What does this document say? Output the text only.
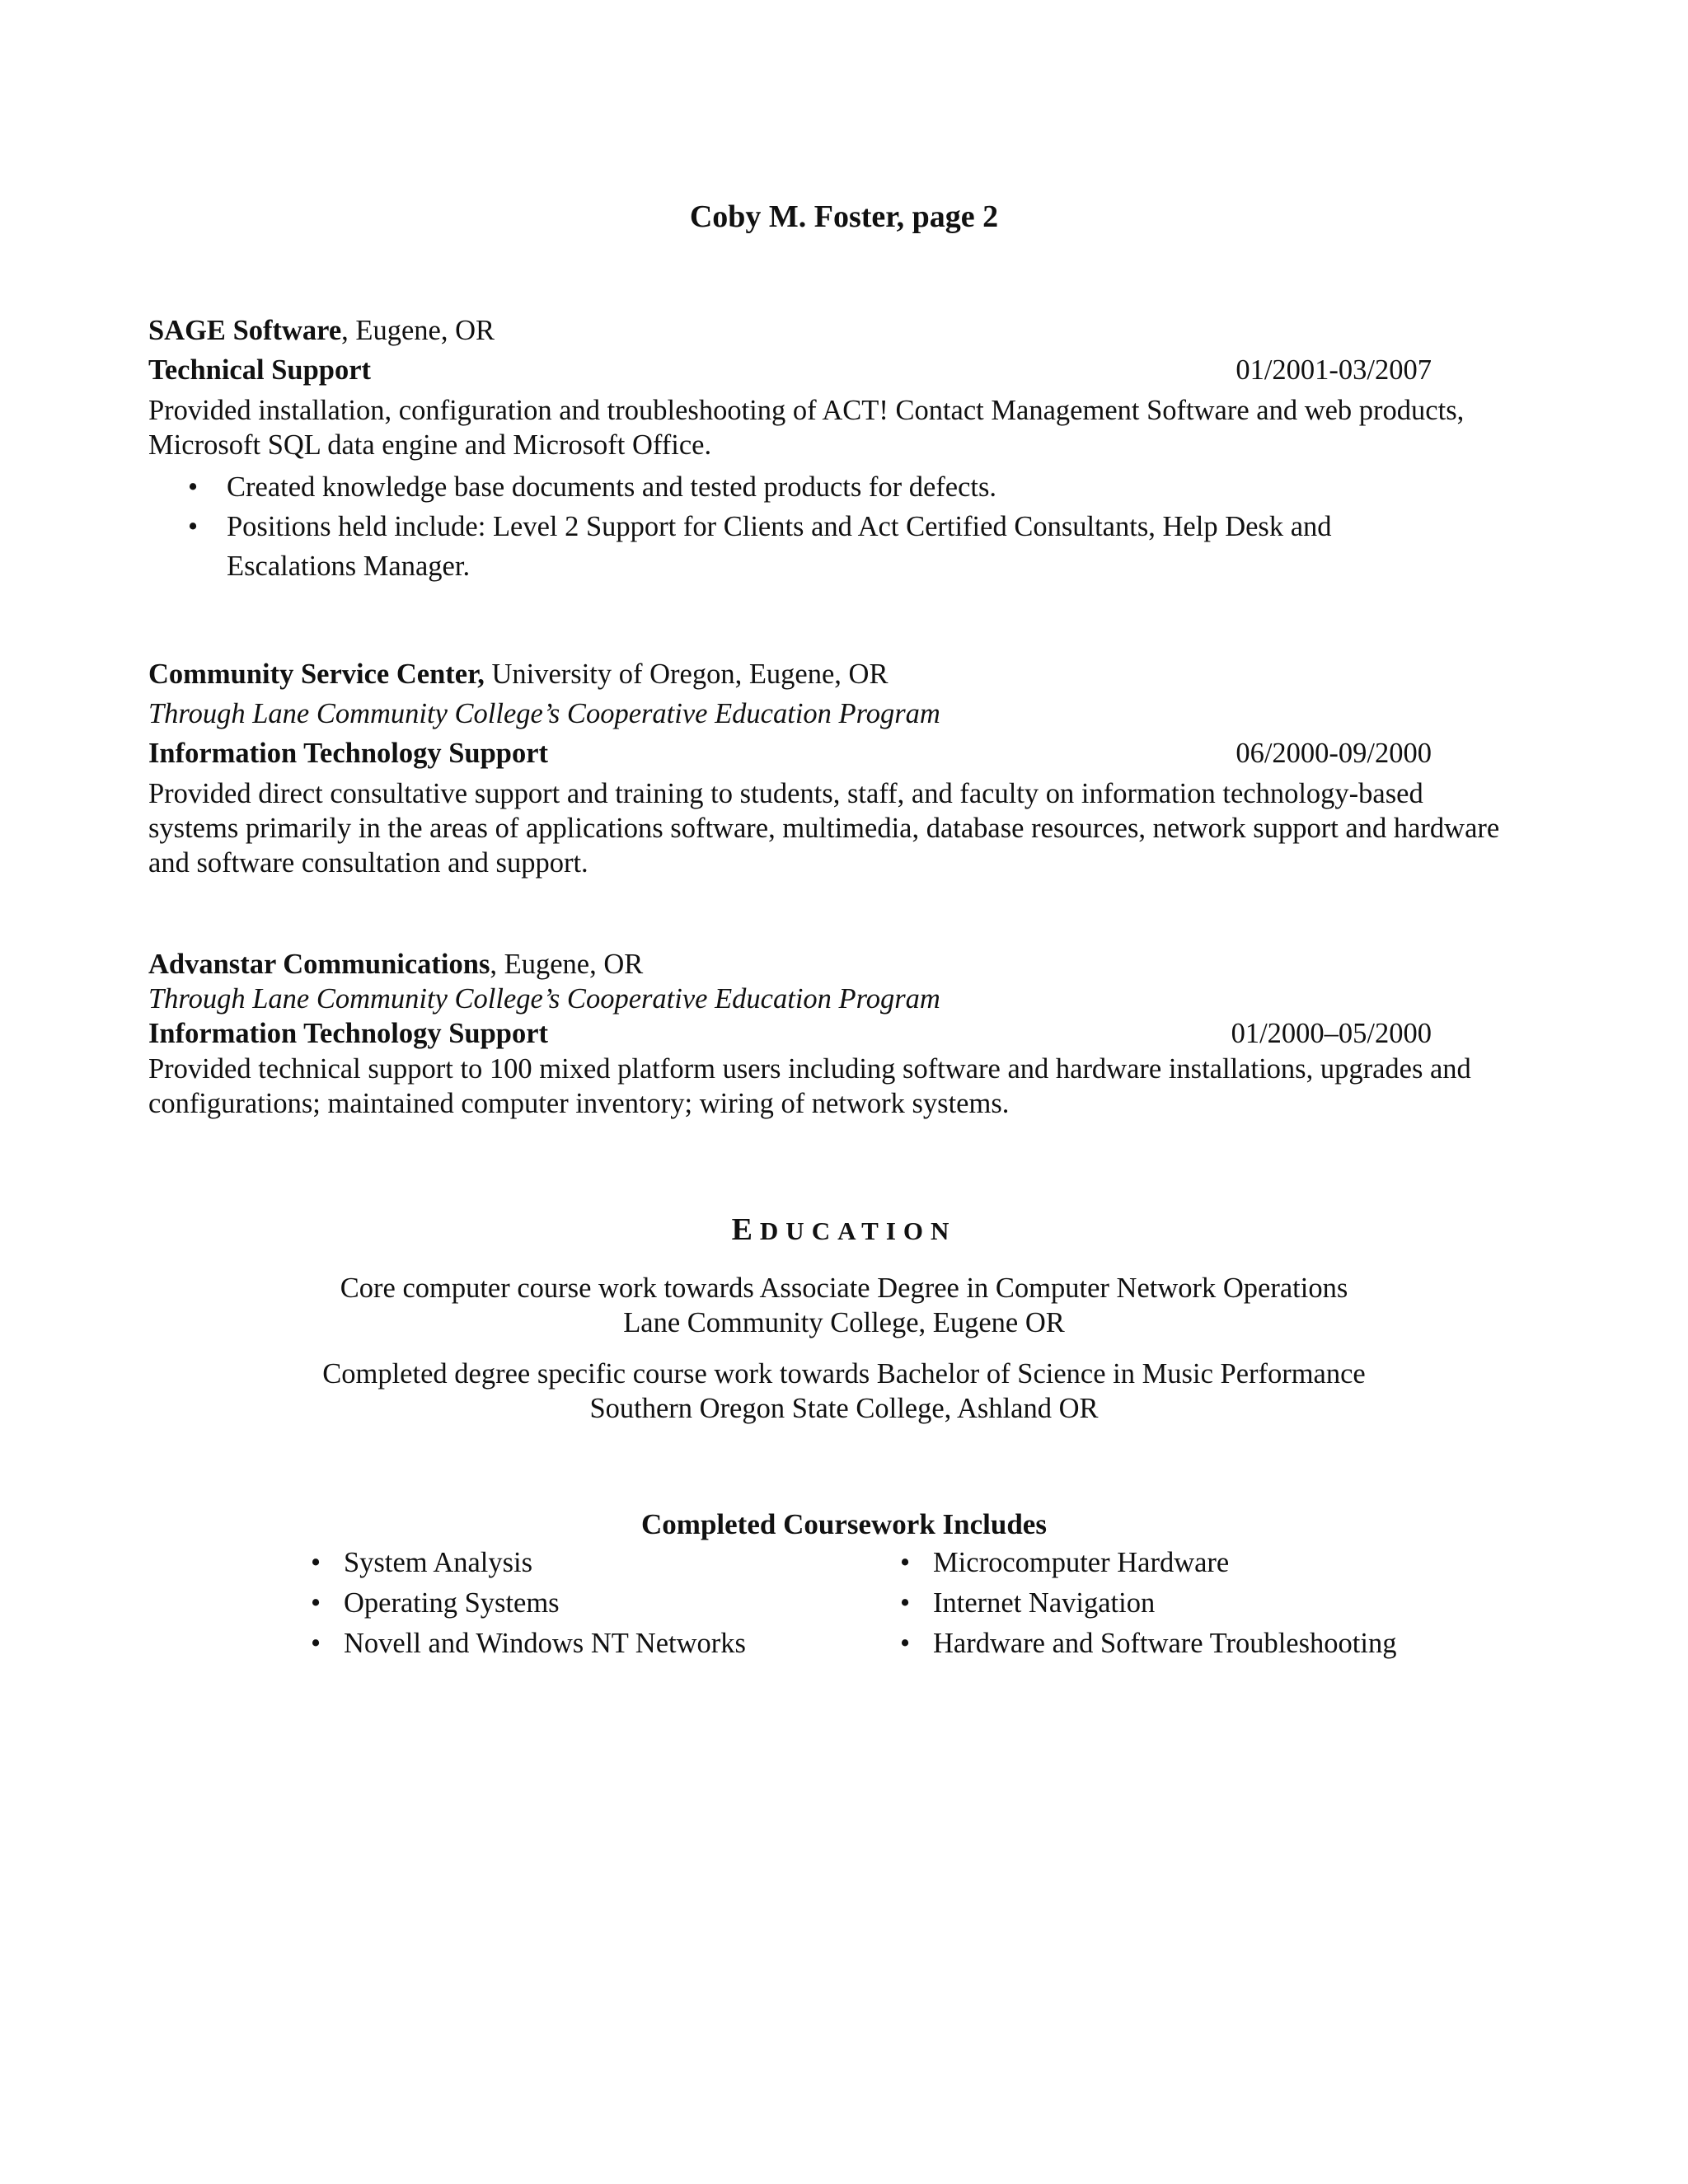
Coby M. Foster, page 2
SAGE Software, Eugene, OR
Technical Support	01/2001-03/2007
Provided installation, configuration and troubleshooting of ACT! Contact Management Software and web products, Microsoft SQL data engine and Microsoft Office.
• Created knowledge base documents and tested products for defects.
• Positions held include: Level 2 Support for Clients and Act Certified Consultants, Help Desk and Escalations Manager.
Community Service Center, University of Oregon, Eugene, OR
Through Lane Community College’s Cooperative Education Program
Information Technology Support	06/2000-09/2000
Provided direct consultative support and training to students, staff, and faculty on information technology-based systems primarily in the areas of applications software, multimedia, database resources, network support and hardware and software consultation and support.
Advanstar Communications, Eugene, OR
Through Lane Community College’s Cooperative Education Program
Information Technology Support	01/2000–05/2000
Provided technical support to 100 mixed platform users including software and hardware installations, upgrades and configurations; maintained computer inventory; wiring of network systems.
EDUCATION
Core computer course work towards Associate Degree in Computer Network Operations
Lane Community College, Eugene OR
Completed degree specific course work towards Bachelor of Science in Music Performance
Southern Oregon State College, Ashland OR
Completed Coursework Includes
• System Analysis
• Operating Systems
• Novell and Windows NT Networks
• Microcomputer Hardware
• Internet Navigation
• Hardware and Software Troubleshooting
